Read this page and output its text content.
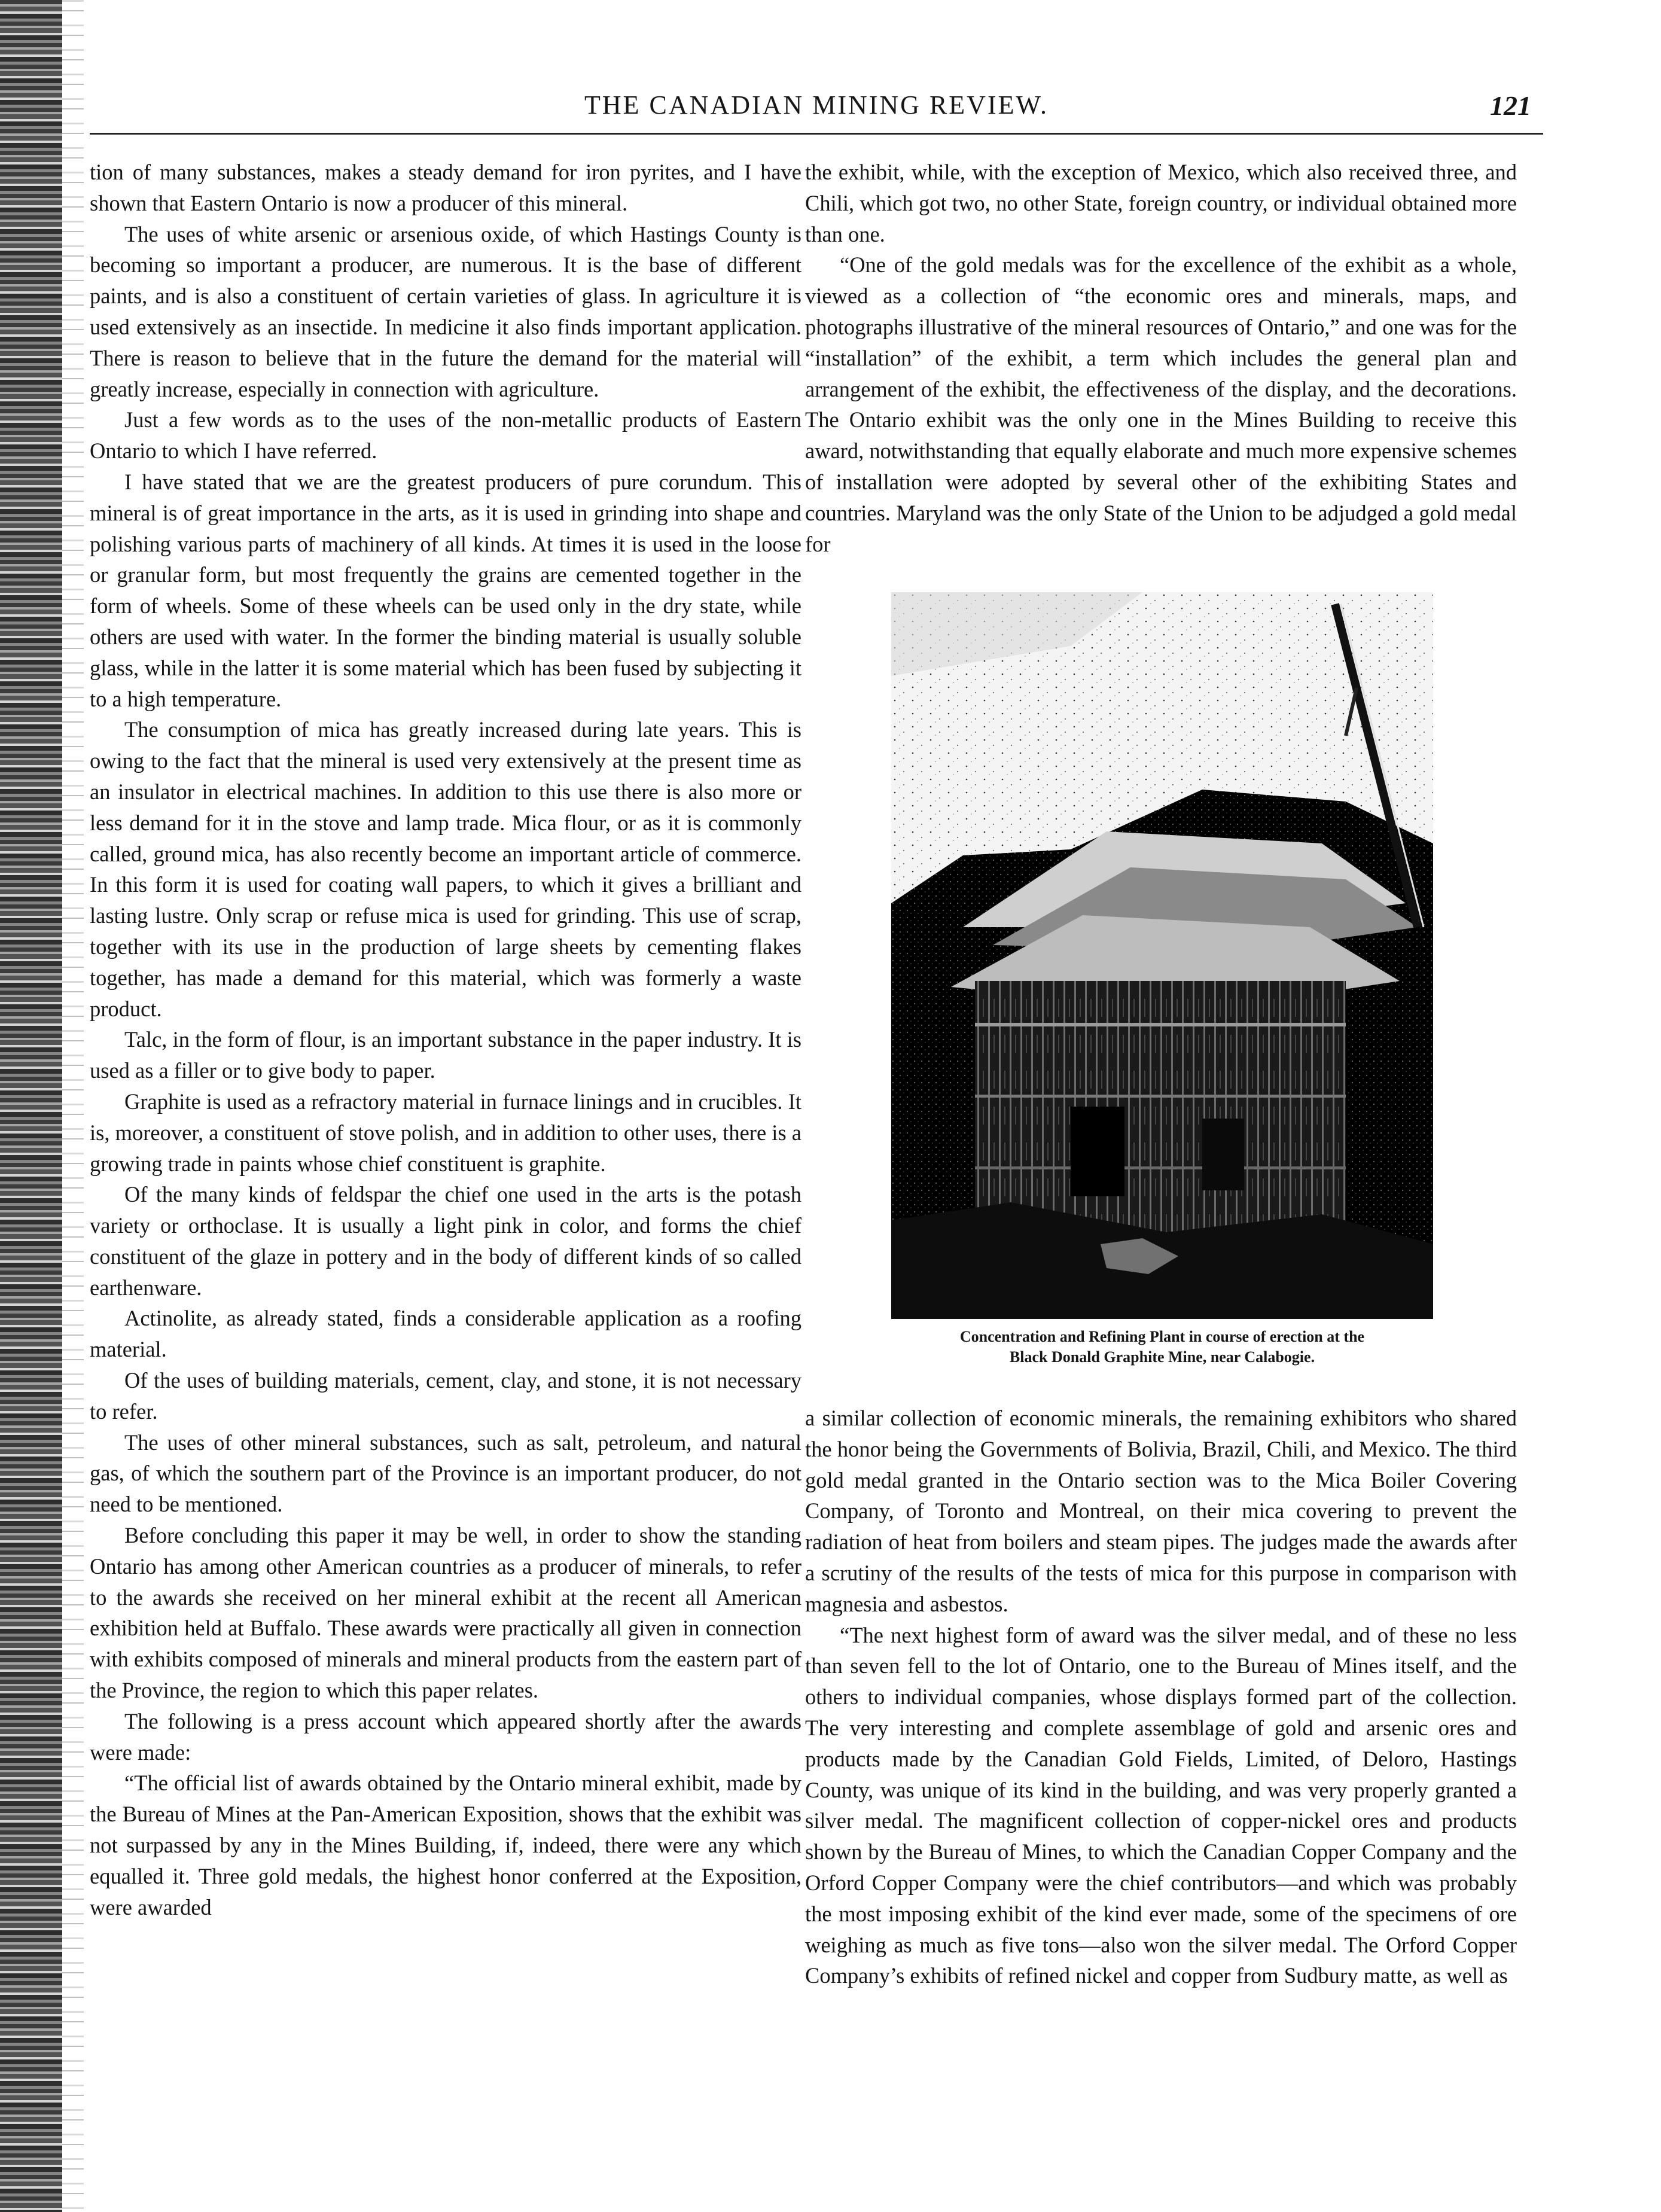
THE CANADIAN MINING REVIEW.	121

tion of many substances, makes a steady demand for iron pyrites, and I have shown that Eastern Ontario is now a producer of this mineral.

The uses of white arsenic or arsenious oxide, of which Hastings County is becoming so important a producer, are numerous. It is the base of different paints, and is also a constituent of certain varieties of glass. In agriculture it is used extensively as an insectide. In medicine it also finds important application. There is reason to believe that in the future the demand for the material will greatly increase, especially in connection with agriculture.

Just a few words as to the uses of the non-metallic products of Eastern Ontario to which I have referred.

I have stated that we are the greatest producers of pure corundum. This mineral is of great importance in the arts, as it is used in grinding into shape and polishing various parts of machinery of all kinds. At times it is used in the loose or granular form, but most frequently the grains are cemented together in the form of wheels. Some of these wheels can be used only in the dry state, while others are used with water. In the former the binding material is usually soluble glass, while in the latter it is some material which has been fused by subjecting it to a high temperature.

The consumption of mica has greatly increased during late years. This is owing to the fact that the mineral is used very extensively at the present time as an insulator in electrical machines. In addition to this use there is also more or less demand for it in the stove and lamp trade. Mica flour, or as it is commonly called, ground mica, has also recently become an important article of commerce. In this form it is used for coating wall papers, to which it gives a brilliant and lasting lustre. Only scrap or refuse mica is used for grinding. This use of scrap, together with its use in the production of large sheets by cementing flakes together, has made a demand for this material, which was formerly a waste product.

Talc, in the form of flour, is an important substance in the paper industry. It is used as a filler or to give body to paper.

Graphite is used as a refractory material in furnace linings and in crucibles. It is, moreover, a constituent of stove polish, and in addition to other uses, there is a growing trade in paints whose chief constituent is graphite.

Of the many kinds of feldspar the chief one used in the arts is the potash variety or orthoclase. It is usually a light pink in color, and forms the chief constituent of the glaze in pottery and in the body of different kinds of so called earthenware.

Actinolite, as already stated, finds a considerable application as a roofing material.

Of the uses of building materials, cement, clay, and stone, it is not necessary to refer.

The uses of other mineral substances, such as salt, petroleum, and natural gas, of which the southern part of the Province is an important producer, do not need to be mentioned.

Before concluding this paper it may be well, in order to show the standing Ontario has among other American countries as a producer of minerals, to refer to the awards she received on her mineral exhibit at the recent all American exhibition held at Buffalo. These awards were practically all given in connection with exhibits composed of minerals and mineral products from the eastern part of the Province, the region to which this paper relates.

The following is a press account which appeared shortly after the awards were made:

“The official list of awards obtained by the Ontario mineral exhibit, made by the Bureau of Mines at the Pan-American Exposition, shows that the exhibit was not surpassed by any in the Mines Building, if, indeed, there were any which equalled it. Three gold medals, the highest honor conferred at the Exposition, were awarded

the exhibit, while, with the exception of Mexico, which also received three, and Chili, which got two, no other State, foreign country, or individual obtained more than one.

“One of the gold medals was for the excellence of the exhibit as a whole, viewed as a collection of “the economic ores and minerals, maps, and photographs illustrative of the mineral resources of Ontario,” and one was for the “installation” of the exhibit, a term which includes the general plan and arrangement of the exhibit, the effectiveness of the display, and the decorations. The Ontario exhibit was the only one in the Mines Building to receive this award, notwithstanding that equally elaborate and much more expensive schemes of installation were adopted by several other of the exhibiting States and countries. Maryland was the only State of the Union to be adjudged a gold medal for

Concentration and Refining Plant in course of erection at the
Black Donald Graphite Mine, near Calabogie.

a similar collection of economic minerals, the remaining exhibitors who shared the honor being the Governments of Bolivia, Brazil, Chili, and Mexico. The third gold medal granted in the Ontario section was to the Mica Boiler Covering Company, of Toronto and Montreal, on their mica covering to prevent the radiation of heat from boilers and steam pipes. The judges made the awards after a scrutiny of the results of the tests of mica for this purpose in comparison with magnesia and asbestos.

“The next highest form of award was the silver medal, and of these no less than seven fell to the lot of Ontario, one to the Bureau of Mines itself, and the others to individual companies, whose displays formed part of the collection. The very interesting and complete assemblage of gold and arsenic ores and products made by the Canadian Gold Fields, Limited, of Deloro, Hastings County, was unique of its kind in the building, and was very properly granted a silver medal. The magnificent collection of copper-nickel ores and products shown by the Bureau of Mines, to which the Canadian Copper Company and the Orford Copper Company were the chief contributors—and which was probably the most imposing exhibit of the kind ever made, some of the specimens of ore weighing as much as five tons—also won the silver medal. The Orford Copper Company’s exhibits of refined nickel and copper from Sudbury matte, as well as
